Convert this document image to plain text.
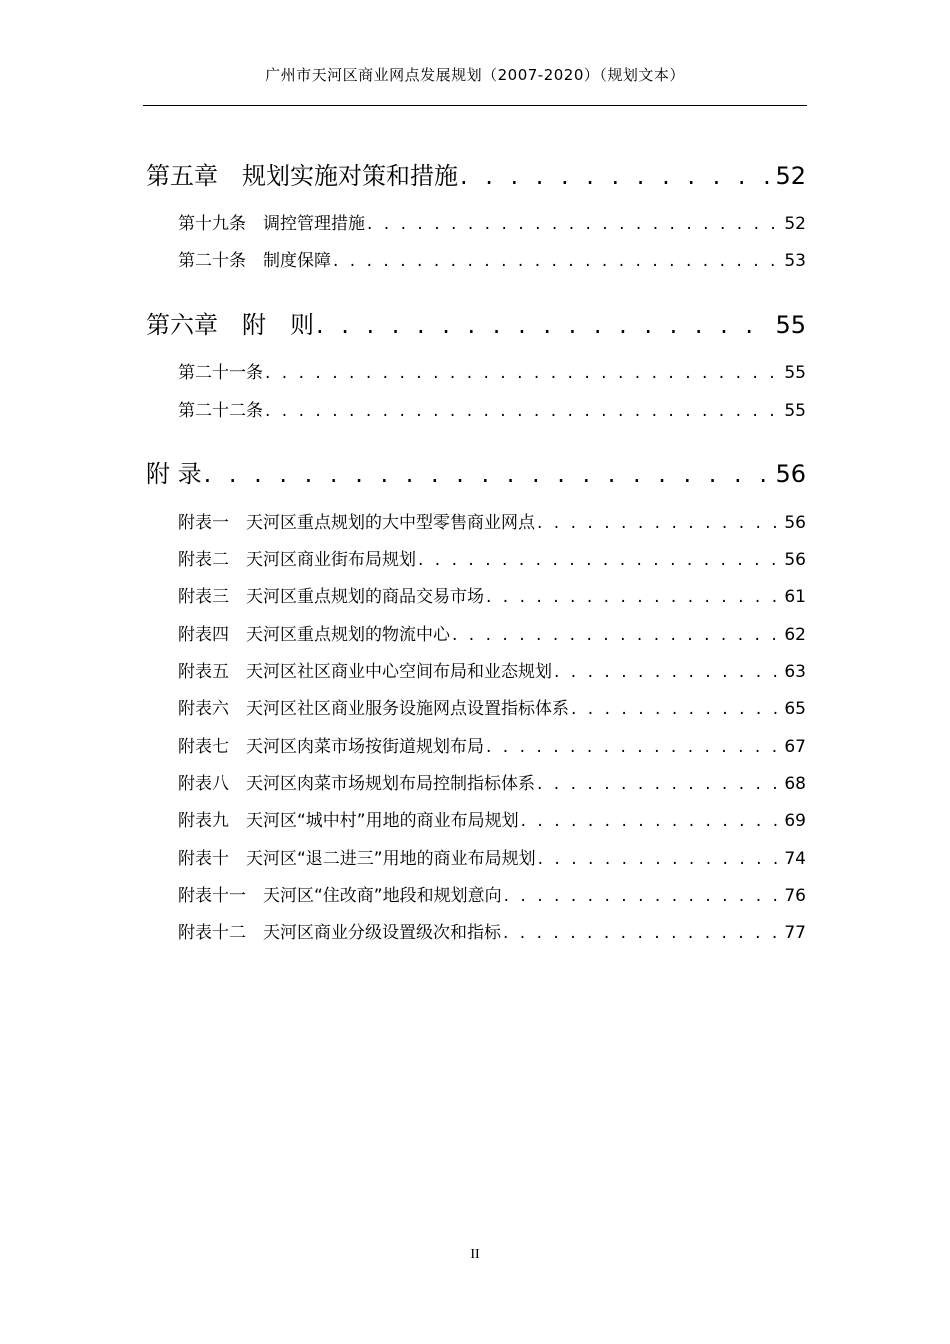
广州市天河区商业网点发展规划（2007-2020）（规划文本）
第五章　规划实施对策和措施 . . .	52
第十九条　调控管理措施 . . .	52
第二十条　制度保障 . . .	53
第六章　附　则 . . .	55
第二十一条 . . .	55
第二十二条 . . .	55
附 录 . . .	56
附表一　天河区重点规划的大中型零售商业网点 . . .	56
附表二　天河区商业街布局规划 . . .	56
附表三　天河区重点规划的商品交易市场 . . .	61
附表四　天河区重点规划的物流中心 . . .	62
附表五　天河区社区商业中心空间布局和业态规划 . . .	63
附表六　天河区社区商业服务设施网点设置指标体系 . . .	65
附表七　天河区肉菜市场按街道规划布局 . . .	67
附表八　天河区肉菜市场规划布局控制指标体系 . . .	68
附表九　天河区“城中村”用地的商业布局规划 . . .	69
附表十　天河区“退二进三”用地的商业布局规划 . . .	74
附表十一　天河区“住改商”地段和规划意向 . . .	76
附表十二　天河区商业分级设置级次和指标 . . .	77
II
